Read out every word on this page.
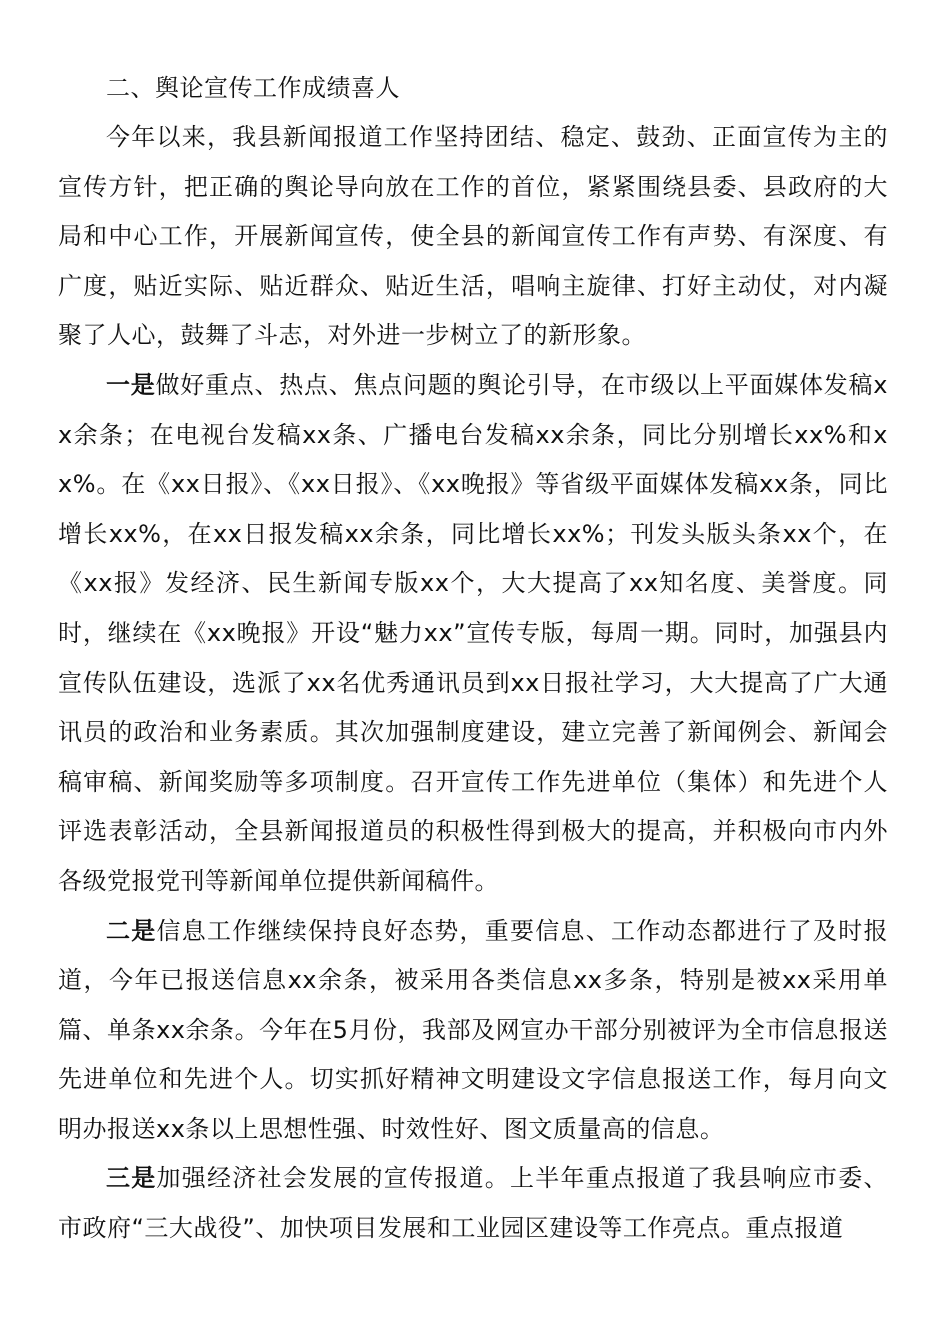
二、舆论宣传工作成绩喜人

今年以来，我县新闻报道工作坚持团结、稳定、鼓劲、正面宣传为主的宣传方针，把正确的舆论导向放在工作的首位，紧紧围绕县委、县政府的大局和中心工作，开展新闻宣传，使全县的新闻宣传工作有声势、有深度、有广度，贴近实际、贴近群众、贴近生活，唱响主旋律、打好主动仗，对内凝聚了人心，鼓舞了斗志，对外进一步树立了的新形象。

一是做好重点、热点、焦点问题的舆论引导，在市级以上平面媒体发稿xx余条；在电视台发稿xx条、广播电台发稿xx余条，同比分别增长xx%和xx%。在《xx日报》、《xx日报》、《xx晚报》等省级平面媒体发稿xx条，同比增长xx%，在xx日报发稿xx余条，同比增长xx%；刊发头版头条xx个，在《xx报》发经济、民生新闻专版xx个，大大提高了xx知名度、美誉度。同时，继续在《xx晚报》开设“魅力xx”宣传专版，每周一期。同时，加强县内宣传队伍建设，选派了xx名优秀通讯员到xx日报社学习，大大提高了广大通讯员的政治和业务素质。其次加强制度建设，建立完善了新闻例会、新闻会稿审稿、新闻奖励等多项制度。召开宣传工作先进单位（集体）和先进个人评选表彰活动，全县新闻报道员的积极性得到极大的提高，并积极向市内外各级党报党刊等新闻单位提供新闻稿件。

二是信息工作继续保持良好态势，重要信息、工作动态都进行了及时报道，今年已报送信息xx余条，被采用各类信息xx多条，特别是被xx采用单篇、单条xx余条。今年在5月份，我部及网宣办干部分别被评为全市信息报送先进单位和先进个人。切实抓好精神文明建设文字信息报送工作，每月向文明办报送xx条以上思想性强、时效性好、图文质量高的信息。

三是加强经济社会发展的宣传报道。上半年重点报道了我县响应市委、市政府“三大战役”、加快项目发展和工业园区建设等工作亮点。重点报道
